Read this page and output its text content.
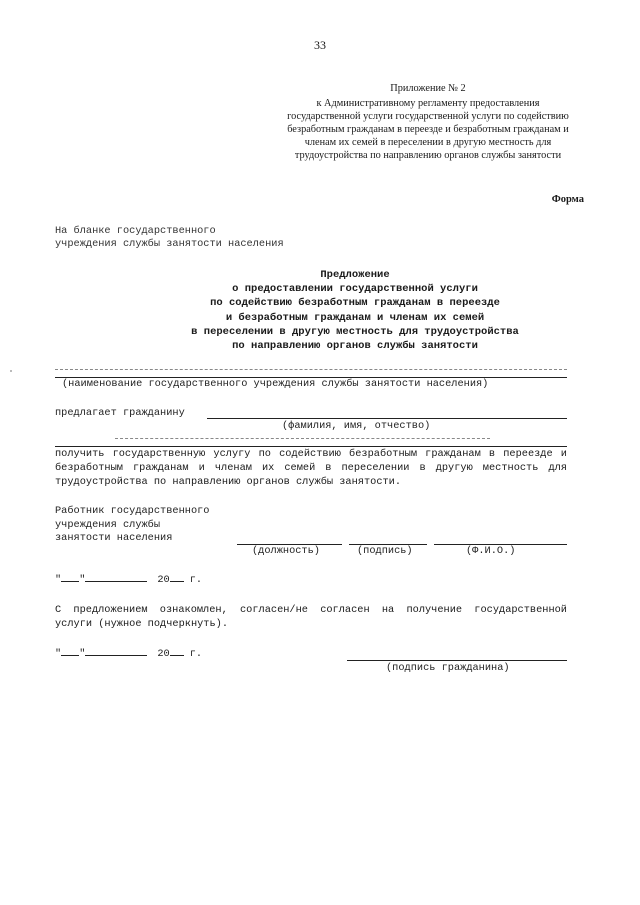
33
Приложение № 2
к Административному регламенту предоставления
государственной услуги государственной услуги по содействию
безработным гражданам в переезде и безработным гражданам и
членам их семей в переселении в другую местность для
трудоустройства по направлению органов службы занятости
Форма
На бланке государственного
учреждения службы занятости населения
Предложение
о предоставлении государственной услуги
по содействию безработным гражданам в переезде
и безработным гражданам и членам их семей
в переселении в другую местность для трудоустройства
по направлению органов службы занятости
(наименование государственного учреждения службы занятости населения)
предлагает гражданину
(фамилия, имя, отчество)
получить государственную услугу по содействию безработным гражданам в переезде и безработным гражданам и членам их семей в переселении в другую местность для трудоустройства по направлению органов службы занятости.
Работник государственного
учреждения службы
занятости населения
(должность)	(подпись)	(Ф.И.О.)
" "	20 г.
С предложением ознакомлен, согласен/не согласен на получение государственной услуги (нужное подчеркнуть).
" "	20 г.
(подпись гражданина)
